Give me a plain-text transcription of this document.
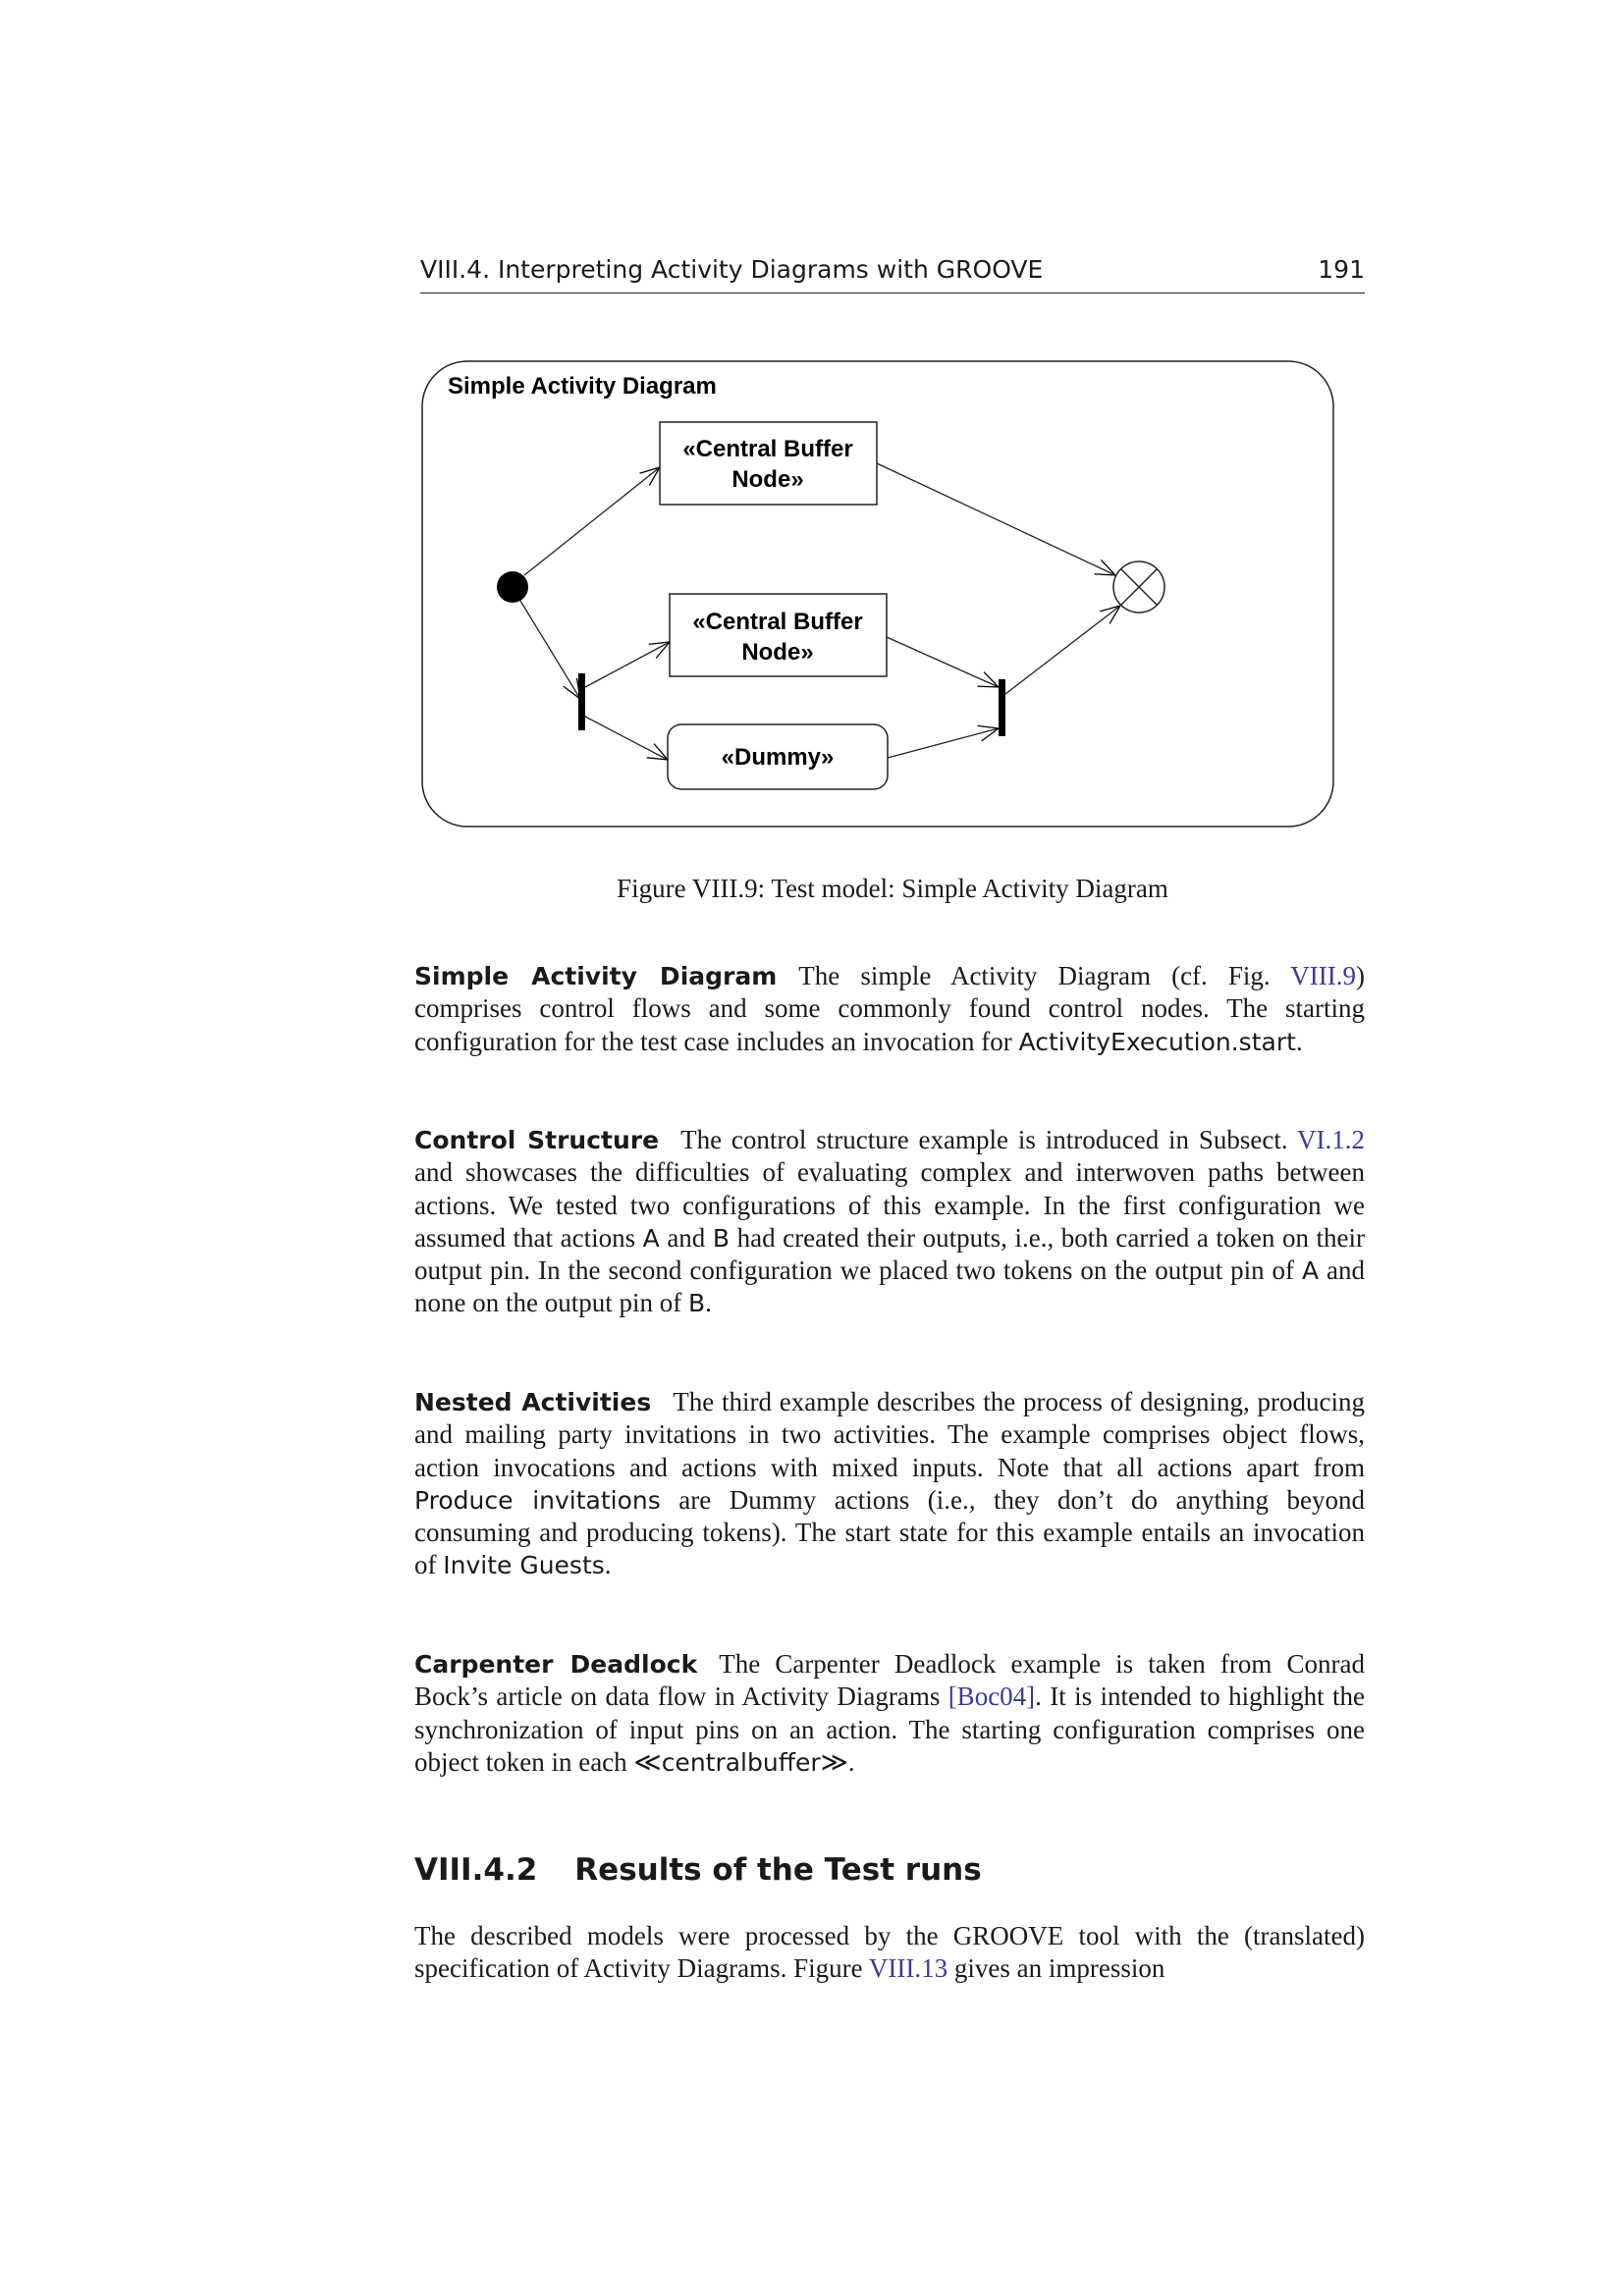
VIII.4. Interpreting Activity Diagrams with GROOVE	191
Simple Activity Diagram
«Central Buffer
Node»
«Central Buffer
Node»
«Dummy»
Figure VIII.9: Test model: Simple Activity Diagram

Simple Activity Diagram The simple Activity Diagram (cf. Fig. VIII.9) comprises control flows and some commonly found control nodes. The starting configuration for the test case includes an invocation for ActivityExecution.start.

Control Structure The control structure example is introduced in Subsect. VI.1.2 and showcases the difficulties of evaluating complex and interwoven paths between actions. We tested two configurations of this example. In the first configuration we assumed that actions A and B had created their outputs, i.e., both carried a token on their output pin. In the second configuration we placed two tokens on the output pin of A and none on the output pin of B.

Nested Activities The third example describes the process of designing, producing and mailing party invitations in two activities. The example comprises object flows, action invocations and actions with mixed inputs. Note that all actions apart from Produce invitations are Dummy actions (i.e., they don’t do anything beyond consuming and producing tokens). The start state for this example entails an invocation of Invite Guests.

Carpenter Deadlock The Carpenter Deadlock example is taken from Conrad Bock’s article on data flow in Activity Diagrams [Boc04]. It is intended to highlight the synchronization of input pins on an action. The starting configuration comprises one object token in each ≪centralbuffer≫.

VIII.4.2 Results of the Test runs

The described models were processed by the GROOVE tool with the (translated) specification of Activity Diagrams. Figure VIII.13 gives an impression
